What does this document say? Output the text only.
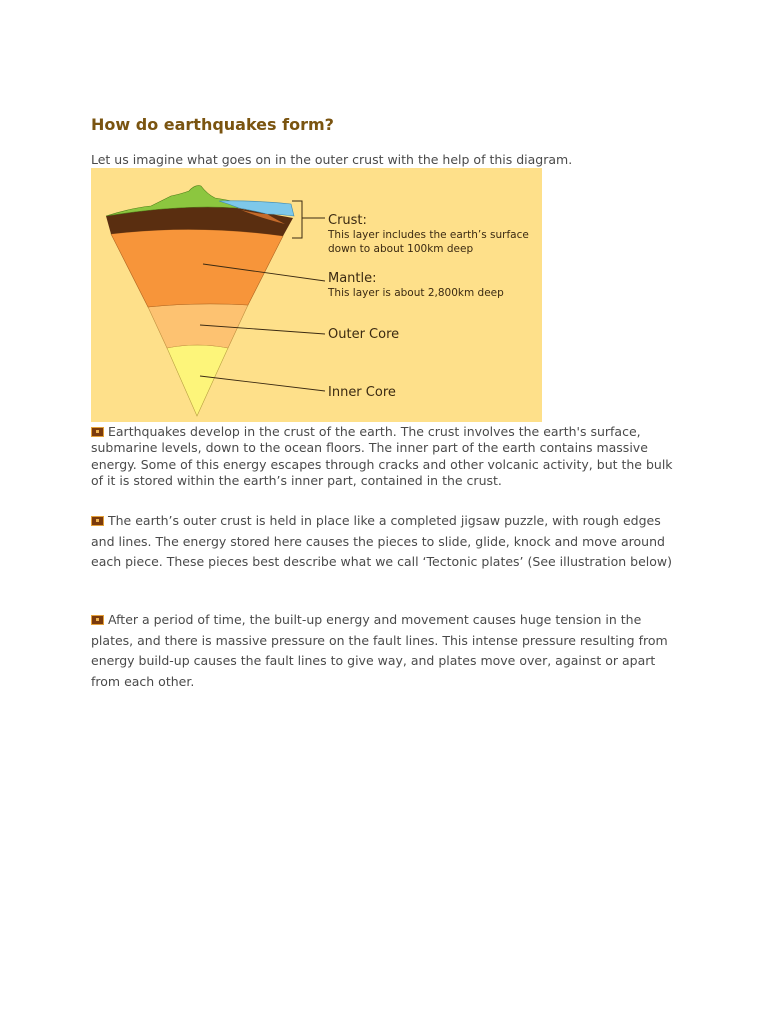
How do earthquakes form?

Let us imagine what goes on in the outer crust with the help of this diagram.

Crust:
This layer includes the earth’s surface
down to about 100km deep
Mantle:
This layer is about 2,800km deep
Outer Core
Inner Core

Earthquakes develop in the crust of the earth. The crust involves the earth's surface, submarine levels, down to the ocean floors. The inner part of the earth contains massive energy. Some of this energy escapes through cracks and other volcanic activity, but the bulk of it is stored within the earth’s inner part, contained in the crust.

The earth’s outer crust is held in place like a completed jigsaw puzzle, with rough edges and lines. The energy stored here causes the pieces to slide, glide, knock and move around each piece. These pieces best describe what we call ‘Tectonic plates’ (See illustration below)

After a period of time, the built-up energy and movement causes huge tension in the plates, and there is massive pressure on the fault lines. This intense pressure resulting from energy build-up causes the fault lines to give way, and plates move over, against or apart from each other.
